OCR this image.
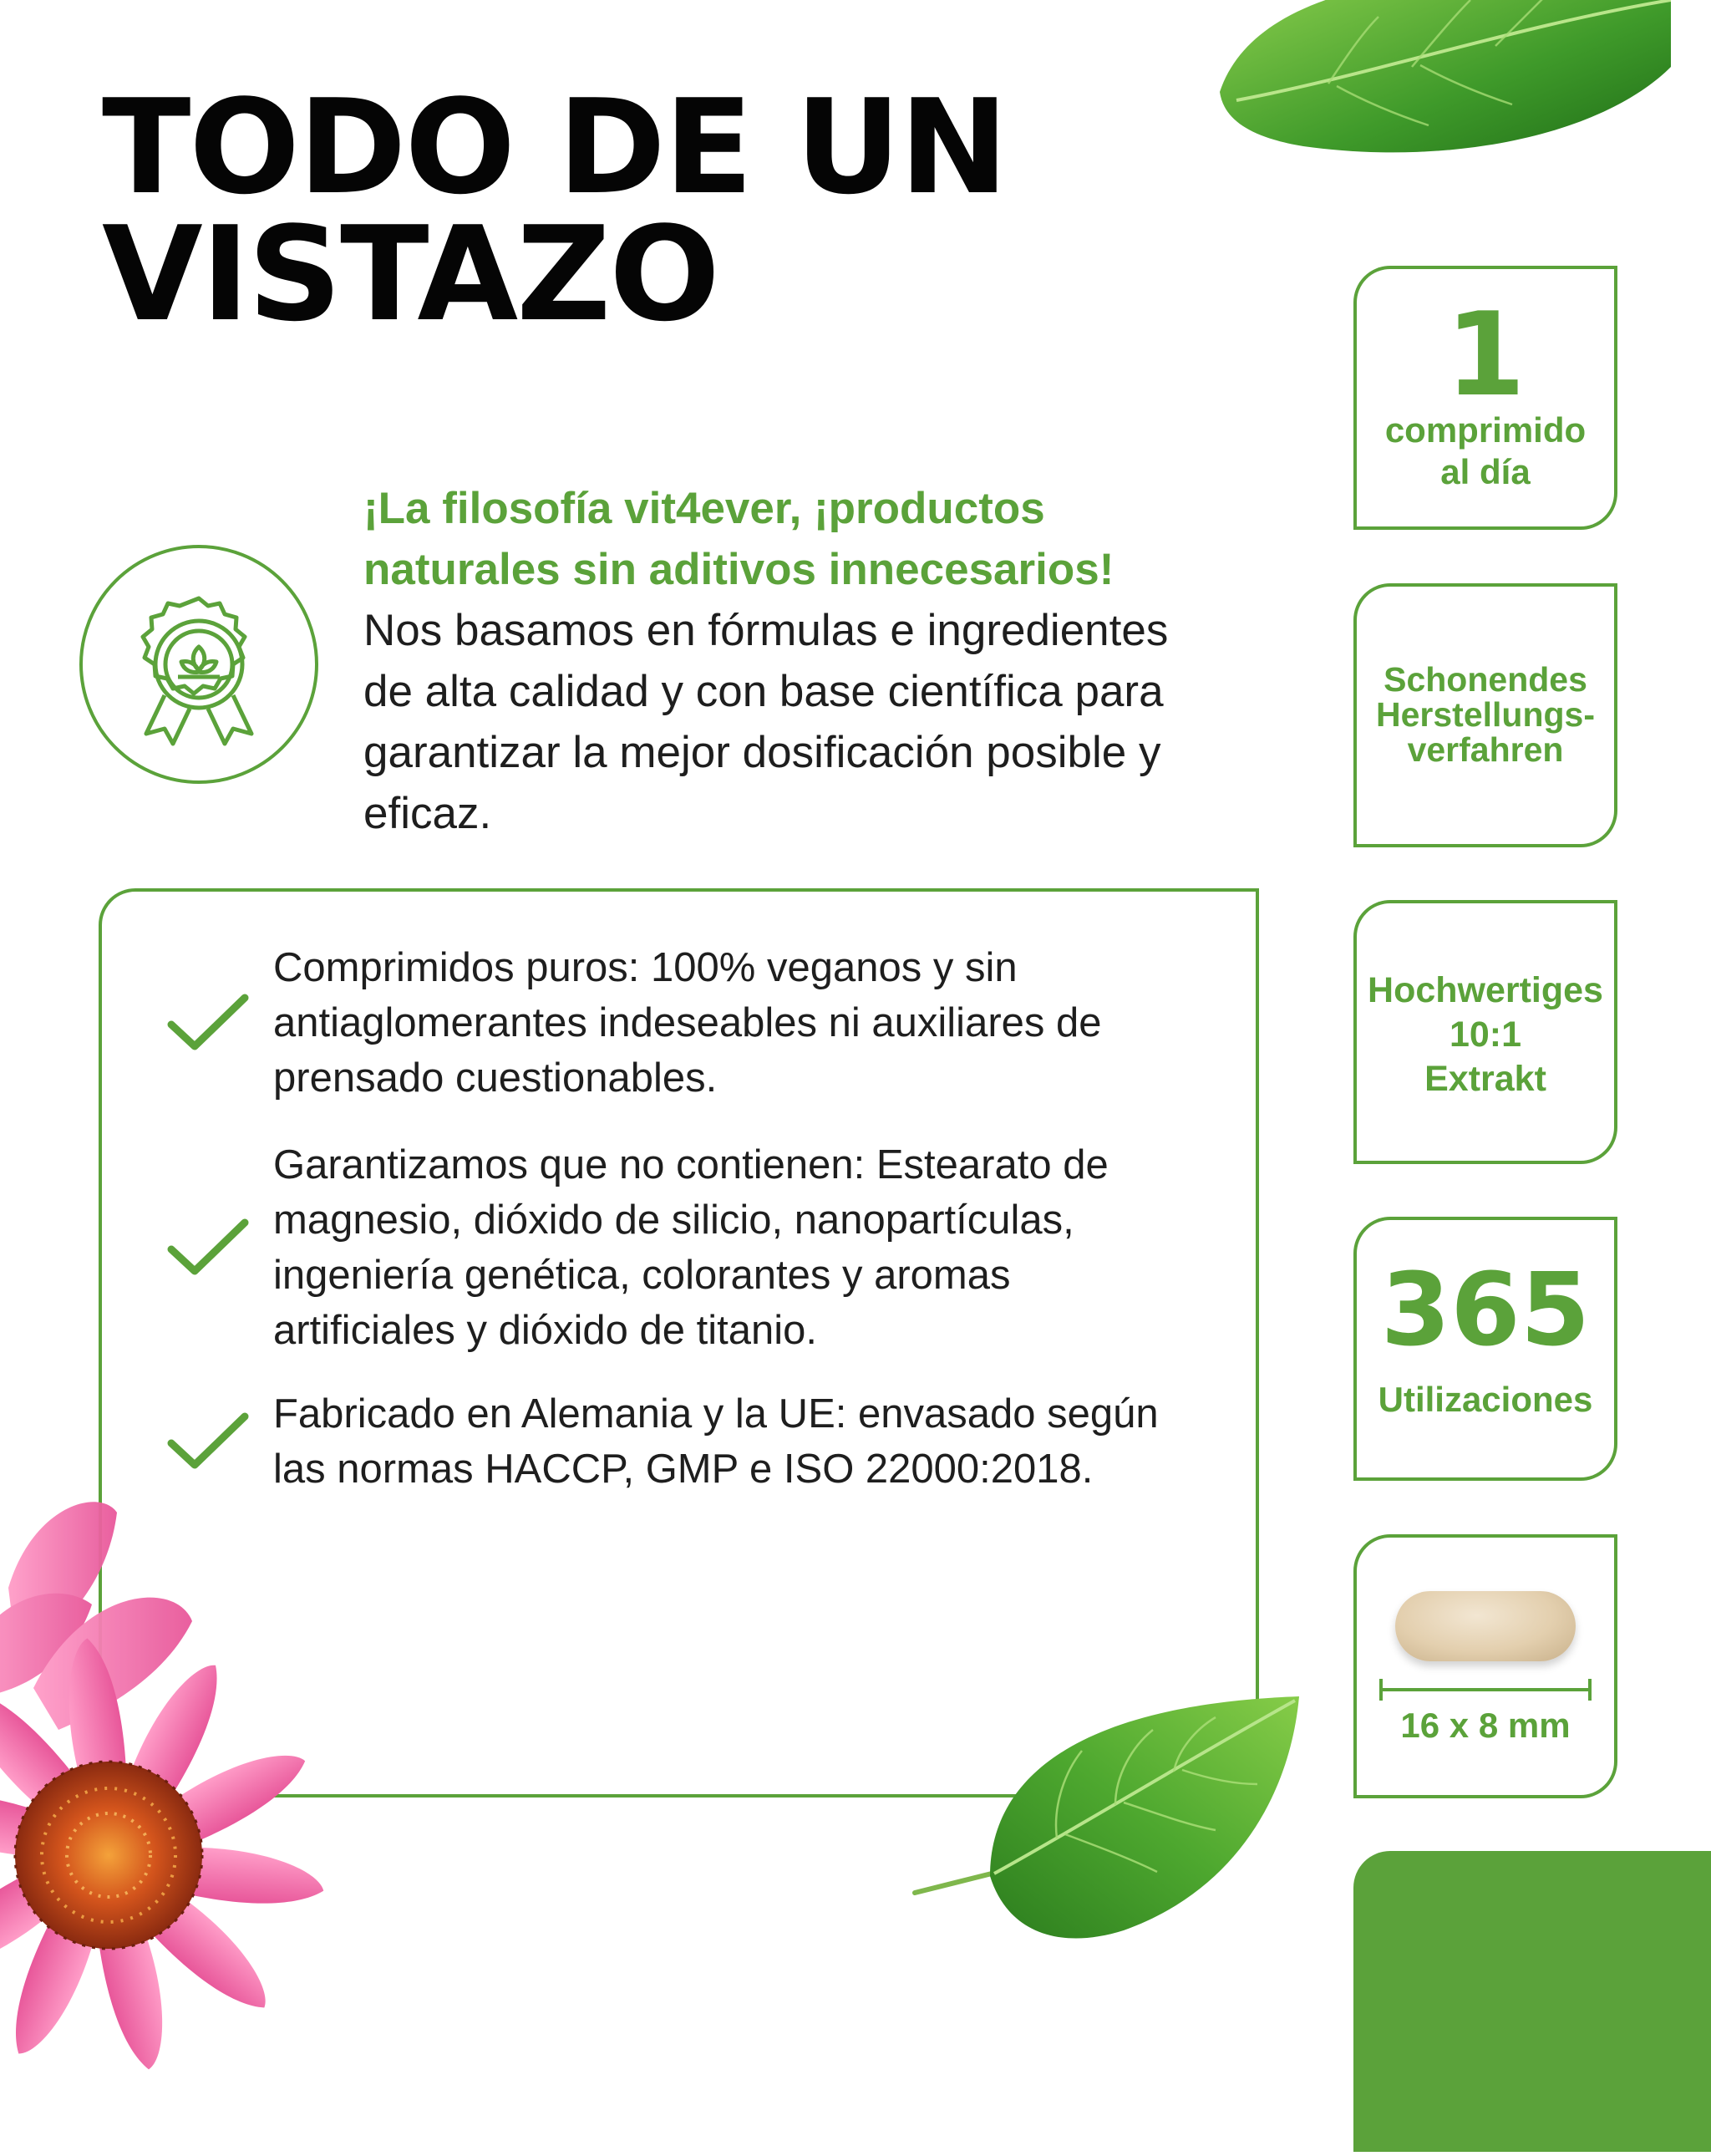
TODO DE UN
VISTAZO

¡La filosofía vit4ever, ¡productos naturales sin aditivos innecesarios!
Nos basamos en fórmulas e ingredientes de alta calidad y con base científica para garantizar la mejor dosificación posible y eficaz.

Comprimidos puros: 100% veganos y sin antiaglomerantes indeseables ni auxiliares de prensado cuestionables.
Garantizamos que no contienen: Estearato de magnesio, dióxido de silicio, nanopartículas, ingeniería genética, colorantes y aromas artificiales y dióxido de titanio.
Fabricado en Alemania y la UE: envasado según las normas HACCP, GMP e ISO 22000:2018.
1
comprimido
al día
Schonendes
Herstellungs-
verfahren
Hochwertiges
10:1
Extrakt
365
Utilizaciones
16 x 8 mm
